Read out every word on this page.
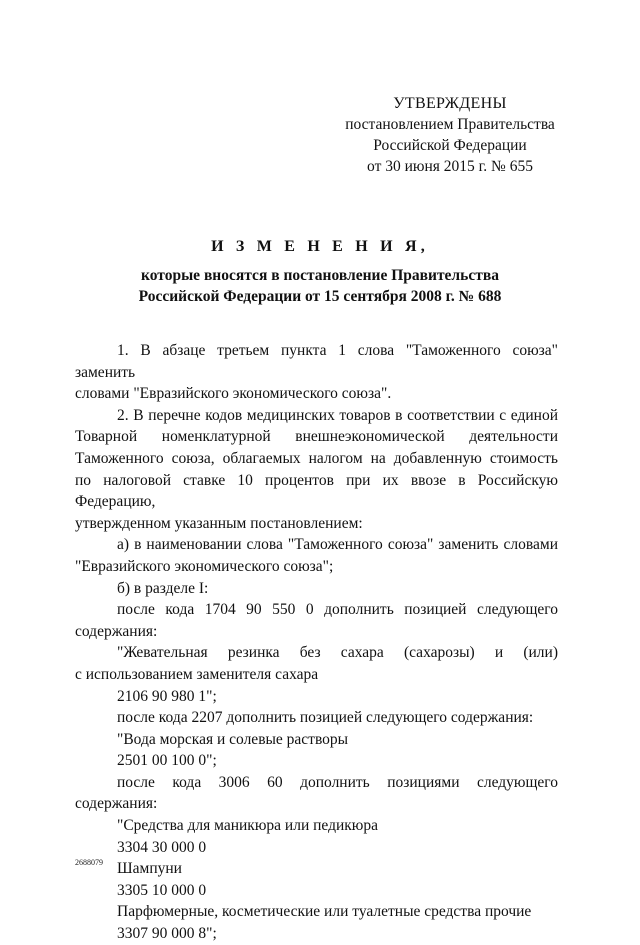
УТВЕРЖДЕНЫ
постановлением Правительства
Российской Федерации
от 30 июня 2015 г. № 655
И З М Е Н Е Н И Я,
которые вносятся в постановление Правительства
Российской Федерации от 15 сентября 2008 г. № 688

1. В абзаце третьем пункта 1 слова "Таможенного союза" заменить

словами "Евразийского экономического союза".

2. В перечне кодов медицинских товаров в соответствии с единой

Товарной номенклатурной внешнеэкономической деятельности

Таможенного союза, облагаемых налогом на добавленную стоимость

по налоговой ставке 10 процентов при их ввозе в Российскую Федерацию,

утвержденном указанным постановлением:

а) в наименовании слова "Таможенного союза" заменить словами

"Евразийского экономического союза";

б) в разделе I:

после кода 1704 90 550 0 дополнить позицией следующего

содержания:

"Жевательная резинка без сахара (сахарозы) и (или)

с использованием заменителя сахара

2106 90 980 1";

после кода 2207 дополнить позицией следующего содержания:

"Вода морская и солевые растворы

2501 00 100 0";

после кода 3006 60 дополнить позициями следующего содержания:

"Средства для маникюра или педикюра

3304 30 000 0

Шампуни

3305 10 000 0

Парфюмерные, косметические или туалетные средства прочие

3307 90 000 8";

2688079
